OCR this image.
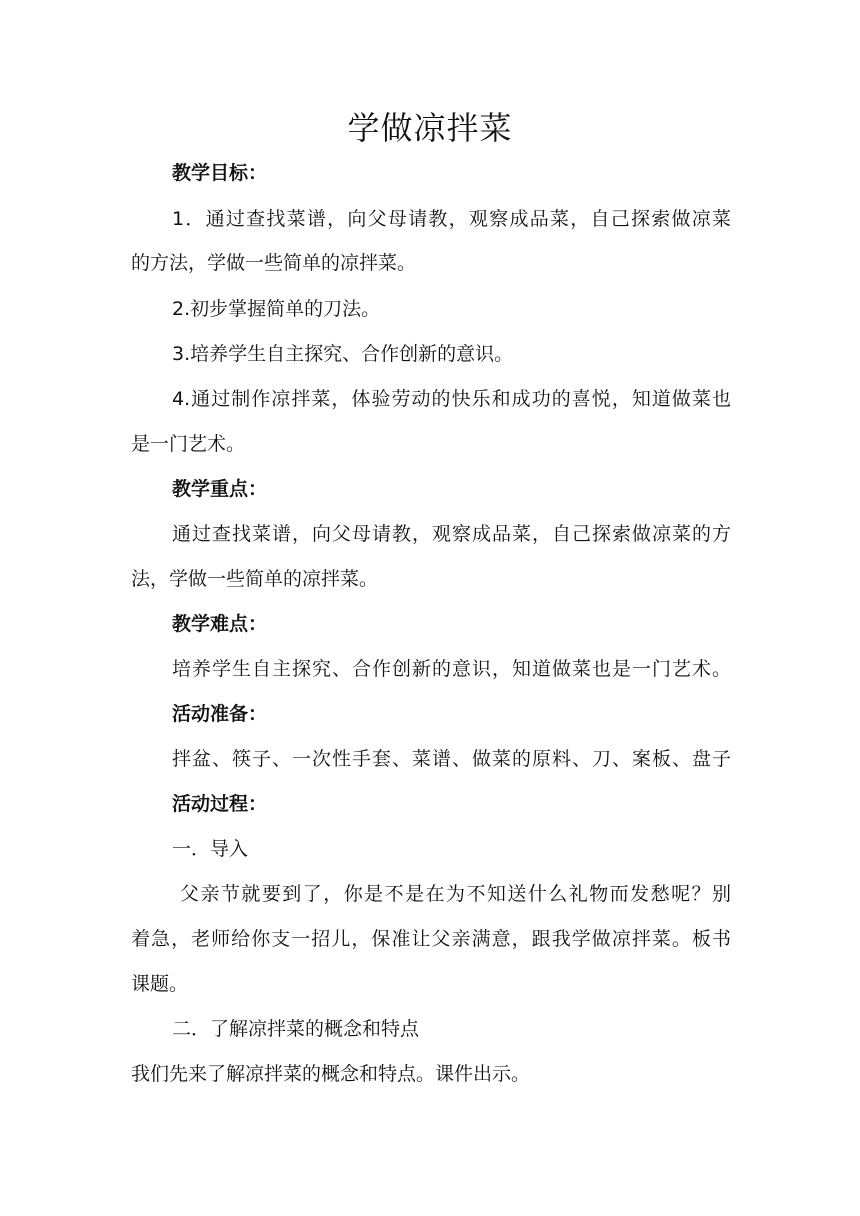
学做凉拌菜
教学目标：
1．通过查找菜谱，向父母请教，观察成品菜，自己探索做凉菜
的方法，学做一些简单的凉拌菜。
2.初步掌握简单的刀法。
3.培养学生自主探究、合作创新的意识。
4.通过制作凉拌菜，体验劳动的快乐和成功的喜悦，知道做菜也
是一门艺术。
教学重点：
通过查找菜谱，向父母请教，观察成品菜，自己探索做凉菜的方
法，学做一些简单的凉拌菜。
教学难点：
培养学生自主探究、合作创新的意识，知道做菜也是一门艺术。
活动准备：
拌盆、筷子、一次性手套、菜谱、做菜的原料、刀、案板、盘子
活动过程：
一．导入
父亲节就要到了，你是不是在为不知送什么礼物而发愁呢？别
着急，老师给你支一招儿，保准让父亲满意，跟我学做凉拌菜。板书
课题。
二．了解凉拌菜的概念和特点
我们先来了解凉拌菜的概念和特点。课件出示。
